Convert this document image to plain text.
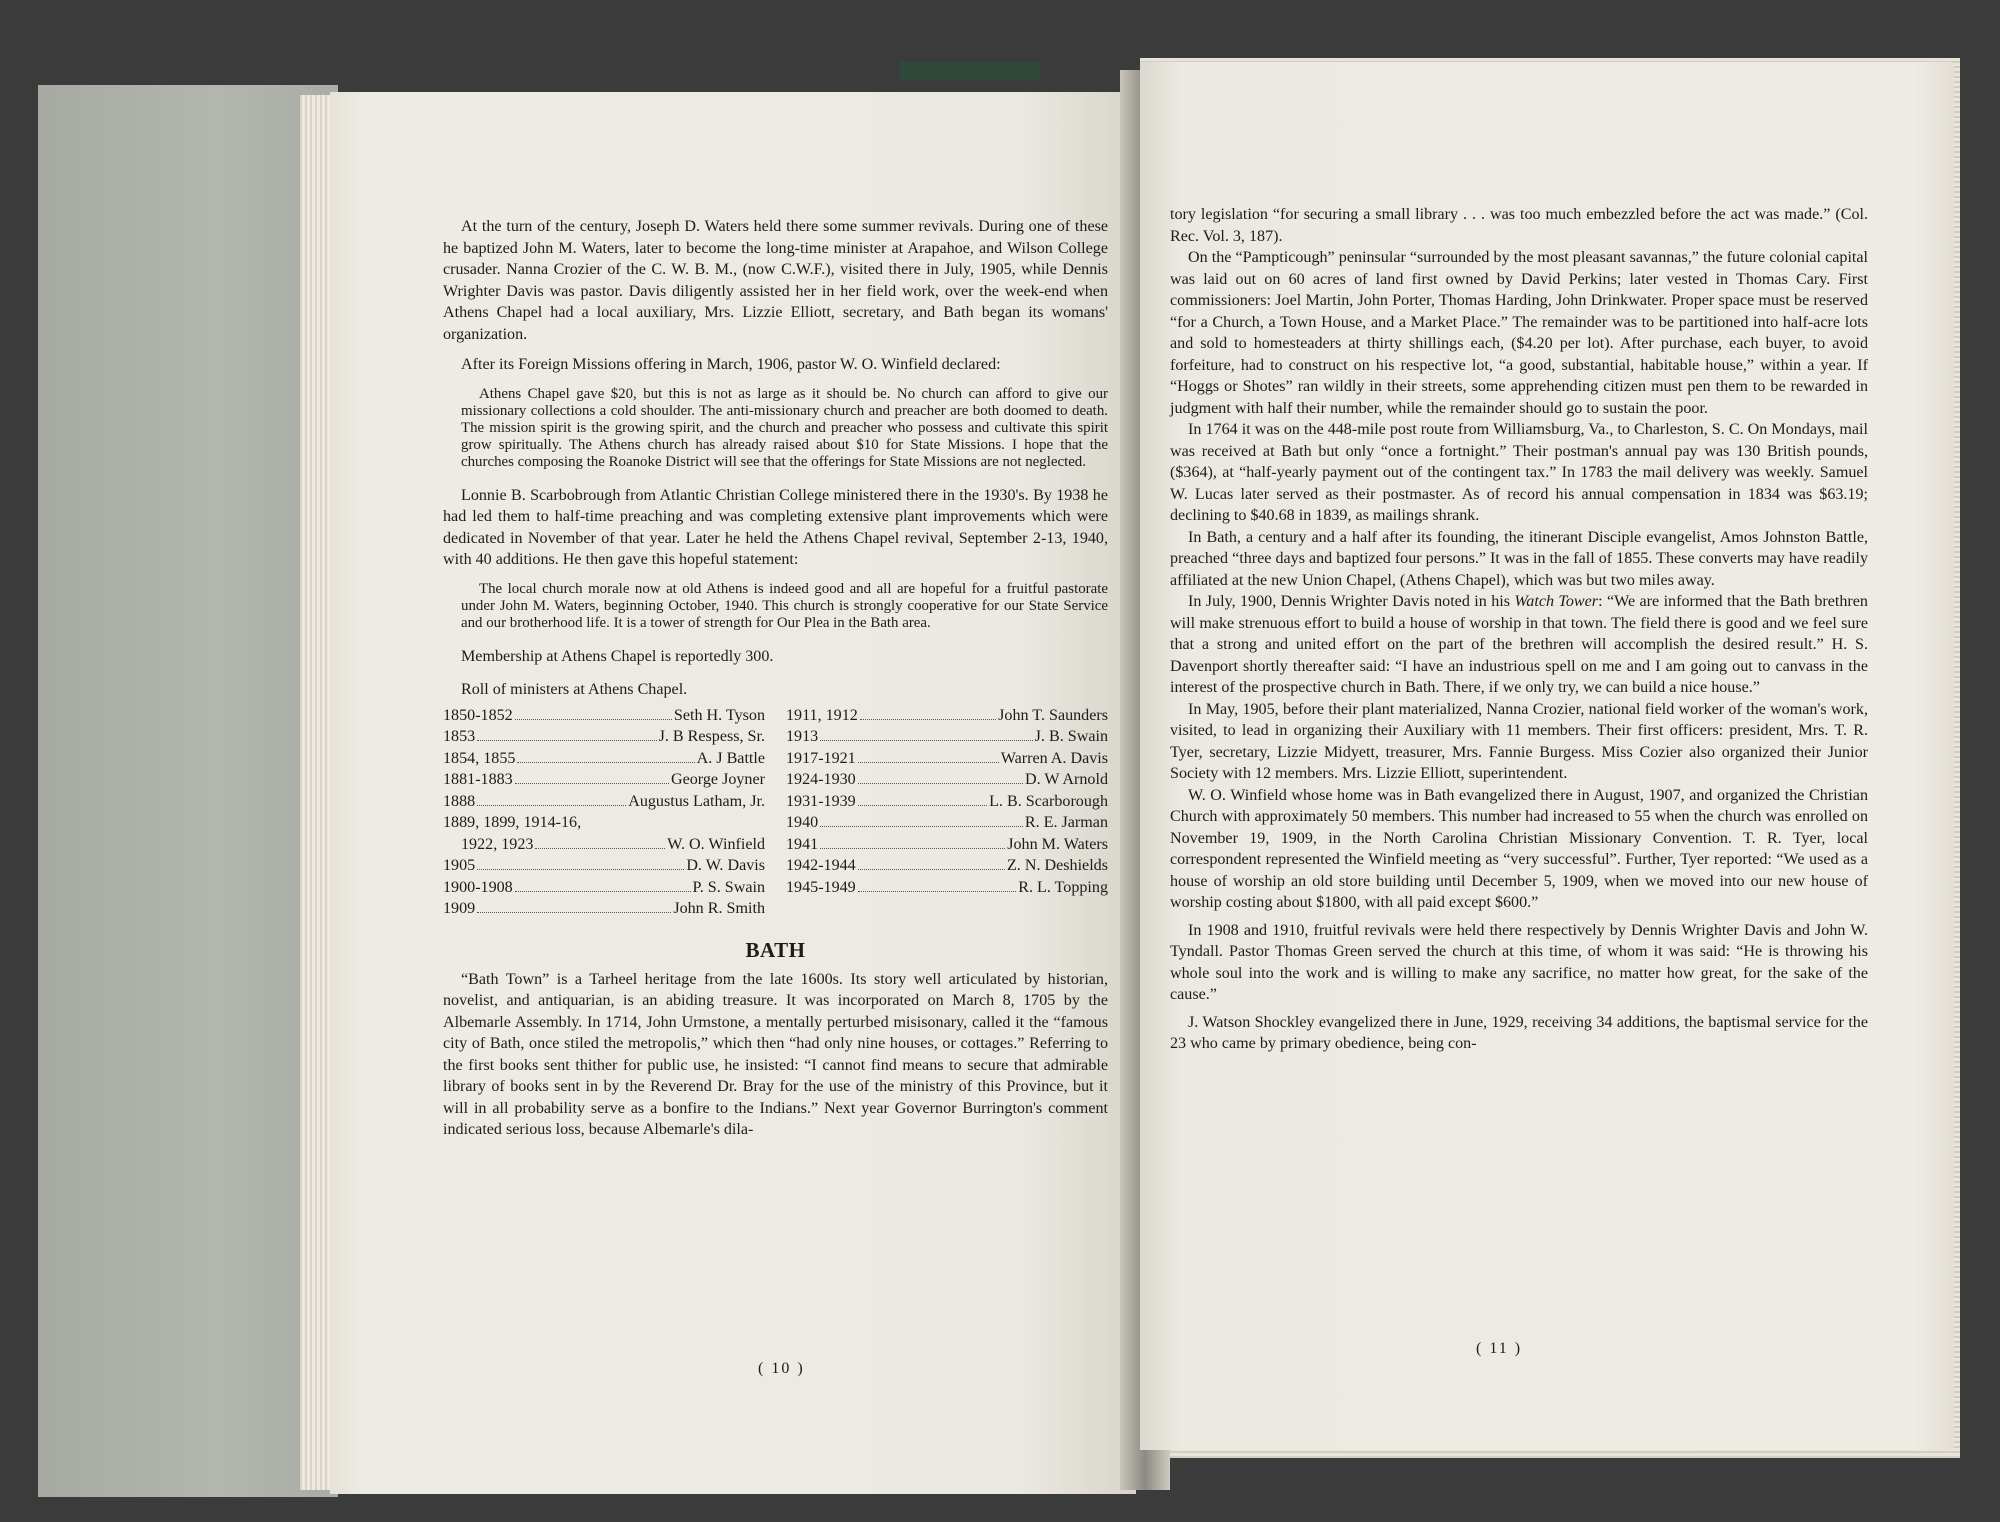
At the turn of the century, Joseph D. Waters held there some summer revivals. During one of these he baptized John M. Waters, later to become the long-time minister at Arapahoe, and Wilson College crusader. Nanna Crozier of the C. W. B. M., (now C.W.F.), visited there in July, 1905, while Dennis Wrighter Davis was pastor. Davis diligently assisted her in her field work, over the week-end when Athens Chapel had a local auxiliary, Mrs. Lizzie Elliott, secretary, and Bath began its womans' organization.

After its Foreign Missions offering in March, 1906, pastor W. O. Winfield declared:

Athens Chapel gave $20, but this is not as large as it should be. No church can afford to give our missionary collections a cold shoulder. The anti-missionary church and preacher are both doomed to death. The mission spirit is the growing spirit, and the church and preacher who possess and cultivate this spirit grow spiritually. The Athens church has already raised about $10 for State Missions. I hope that the churches composing the Roanoke District will see that the offerings for State Missions are not neglected.

Lonnie B. Scarbobrough from Atlantic Christian College ministered there in the 1930's. By 1938 he had led them to half-time preaching and was completing extensive plant improvements which were dedicated in November of that year. Later he held the Athens Chapel revival, September 2-13, 1940, with 40 additions. He then gave this hopeful statement:

The local church morale now at old Athens is indeed good and all are hopeful for a fruitful pastorate under John M. Waters, beginning October, 1940. This church is strongly cooperative for our State Service and our brotherhood life. It is a tower of strength for Our Plea in the Bath area.

Membership at Athens Chapel is reportedly 300.

Roll of ministers at Athens Chapel.

1850-1852	Seth H. Tyson
1853	J. B Respess, Sr.
1854, 1855	A. J Battle
1881-1883	George Joyner
1888	Augustus Latham, Jr.
1889, 1899, 1914-16,
1922, 1923	W. O. Winfield
1905	D. W. Davis
1900-1908	P. S. Swain
1909	John R. Smith
1911, 1912	John T. Saunders
1913	J. B. Swain
1917-1921	Warren A. Davis
1924-1930	D. W Arnold
1931-1939	L. B. Scarborough
1940	R. E. Jarman
1941	John M. Waters
1942-1944	Z. N. Deshields
1945-1949	R. L. Topping
BATH

“Bath Town” is a Tarheel heritage from the late 1600s. Its story well articulated by historian, novelist, and antiquarian, is an abiding treasure. It was incorporated on March 8, 1705 by the Albemarle Assembly. In 1714, John Urmstone, a mentally perturbed misisonary, called it the “famous city of Bath, once stiled the metropolis,” which then “had only nine houses, or cottages.” Referring to the first books sent thither for public use, he insisted: “I cannot find means to secure that admirable library of books sent in by the Reverend Dr. Bray for the use of the ministry of this Province, but it will in all probability serve as a bonfire to the Indians.” Next year Governor Burrington's comment indicated serious loss, because Albemarle's dila-

( 10 )

tory legislation “for securing a small library . . . was too much embezzled before the act was made.” (Col. Rec. Vol. 3, 187).

On the “Pampticough” peninsular “surrounded by the most pleasant savannas,” the future colonial capital was laid out on 60 acres of land first owned by David Perkins; later vested in Thomas Cary. First commissioners: Joel Martin, John Porter, Thomas Harding, John Drinkwater. Proper space must be reserved “for a Church, a Town House, and a Market Place.” The remainder was to be partitioned into half-acre lots and sold to homesteaders at thirty shillings each, ($4.20 per lot). After purchase, each buyer, to avoid forfeiture, had to construct on his respective lot, “a good, substantial, habitable house,” within a year. If “Hoggs or Shotes” ran wildly in their streets, some apprehending citizen must pen them to be rewarded in judgment with half their number, while the remainder should go to sustain the poor.

In 1764 it was on the 448-mile post route from Williamsburg, Va., to Charleston, S. C. On Mondays, mail was received at Bath but only “once a fortnight.” Their postman's annual pay was 130 British pounds, ($364), at “half-yearly payment out of the contingent tax.” In 1783 the mail delivery was weekly. Samuel W. Lucas later served as their postmaster. As of record his annual compensation in 1834 was $63.19; declining to $40.68 in 1839, as mailings shrank.

In Bath, a century and a half after its founding, the itinerant Disciple evangelist, Amos Johnston Battle, preached “three days and baptized four persons.” It was in the fall of 1855. These converts may have readily affiliated at the new Union Chapel, (Athens Chapel), which was but two miles away.

In July, 1900, Dennis Wrighter Davis noted in his Watch Tower: “We are informed that the Bath brethren will make strenuous effort to build a house of worship in that town. The field there is good and we feel sure that a strong and united effort on the part of the brethren will accomplish the desired result.” H. S. Davenport shortly thereafter said: “I have an industrious spell on me and I am going out to canvass in the interest of the prospective church in Bath. There, if we only try, we can build a nice house.”

In May, 1905, before their plant materialized, Nanna Crozier, national field worker of the woman's work, visited, to lead in organizing their Auxiliary with 11 members. Their first officers: president, Mrs. T. R. Tyer, secretary, Lizzie Midyett, treasurer, Mrs. Fannie Burgess. Miss Cozier also organized their Junior Society with 12 members. Mrs. Lizzie Elliott, superintendent.

W. O. Winfield whose home was in Bath evangelized there in August, 1907, and organized the Christian Church with approximately 50 members. This number had increased to 55 when the church was enrolled on November 19, 1909, in the North Carolina Christian Missionary Convention. T. R. Tyer, local correspondent represented the Winfield meeting as “very successful”. Further, Tyer reported: “We used as a house of worship an old store building until December 5, 1909, when we moved into our new house of worship costing about $1800, with all paid except $600.”

In 1908 and 1910, fruitful revivals were held there respectively by Dennis Wrighter Davis and John W. Tyndall. Pastor Thomas Green served the church at this time, of whom it was said: “He is throwing his whole soul into the work and is willing to make any sacrifice, no matter how great, for the sake of the cause.”

J. Watson Shockley evangelized there in June, 1929, receiving 34 additions, the baptismal service for the 23 who came by primary obedience, being con-

( 11 )
